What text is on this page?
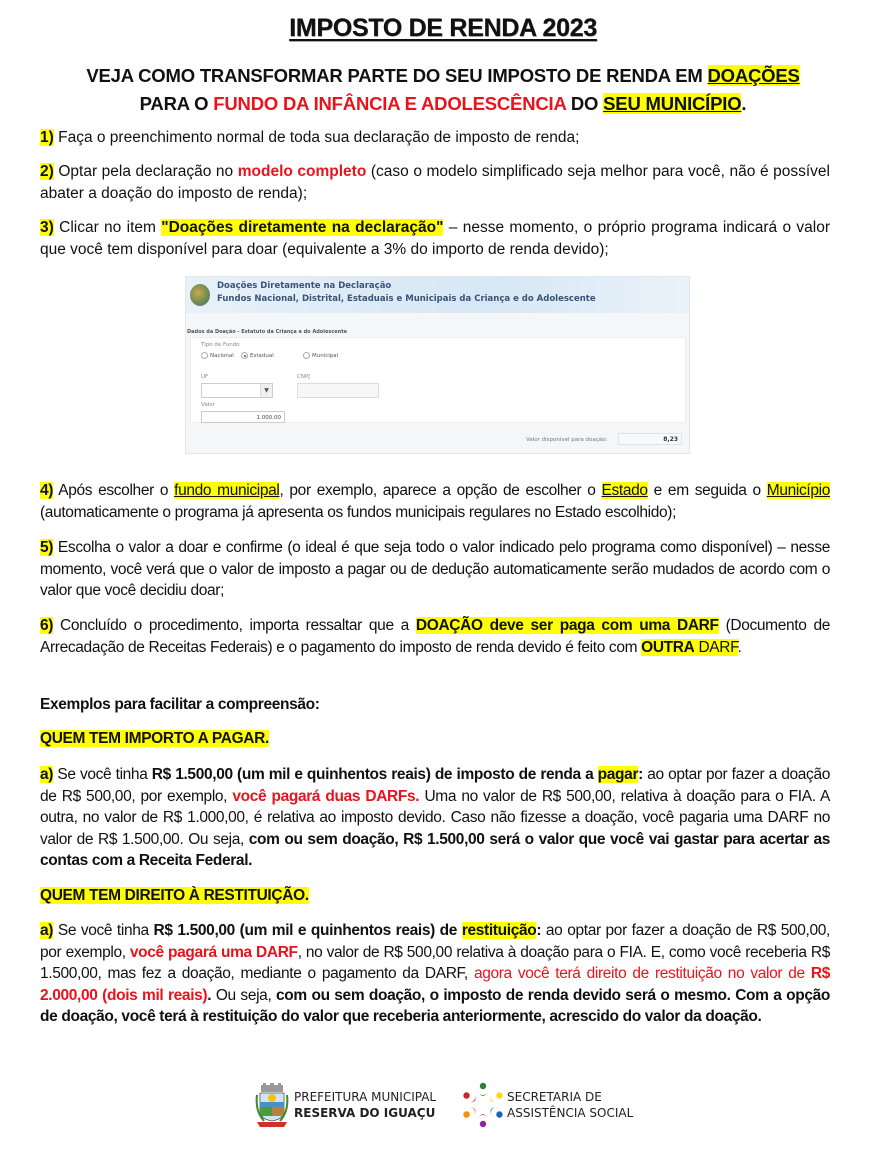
IMPOSTO DE RENDA 2023
VEJA COMO TRANSFORMAR PARTE DO SEU IMPOSTO DE RENDA EM DOAÇÕES
PARA O FUNDO DA INFÂNCIA E ADOLESCÊNCIA DO SEU MUNICÍPIO.
1) Faça o preenchimento normal de toda sua declaração de imposto de renda;
2) Optar pela declaração no modelo completo (caso o modelo simplificado seja melhor para você, não é possível abater a doação do imposto de renda);
3) Clicar no item "Doações diretamente na declaração" – nesse momento, o próprio programa indicará o valor que você tem disponível para doar (equivalente a 3% do importo de renda devido);
Doações Diretamente na Declaração
Fundos Nacional, Distrital, Estaduais e Municipais da Criança e do Adolescente
Dados da Doação - Estatuto da Criança e do Adolescente
Tipo de Fundo
Nacional	Estadual	Municipal
UF	CNPJ
▼
Valor
1.000,00
Valor disponível para doação:	8,23
4) Após escolher o fundo municipal, por exemplo, aparece a opção de escolher o Estado e em seguida o Município (automaticamente o programa já apresenta os fundos municipais regulares no Estado escolhido);
5) Escolha o valor a doar e confirme (o ideal é que seja todo o valor indicado pelo programa como disponível) – nesse momento, você verá que o valor de imposto a pagar ou de dedução automaticamente serão mudados de acordo com o valor que você decidiu doar;
6) Concluído o procedimento, importa ressaltar que a DOAÇÃO deve ser paga com uma DARF (Documento de Arrecadação de Receitas Federais) e o pagamento do imposto de renda devido é feito com OUTRA DARF.
Exemplos para facilitar a compreensão:
QUEM TEM IMPORTO A PAGAR.
a) Se você tinha R$ 1.500,00 (um mil e quinhentos reais) de imposto de renda a pagar: ao optar por fazer a doação de R$ 500,00, por exemplo, você pagará duas DARFs. Uma no valor de R$ 500,00, relativa à doação para o FIA. A outra, no valor de R$ 1.000,00, é relativa ao imposto devido. Caso não fizesse a doação, você pagaria uma DARF no valor de R$ 1.500,00. Ou seja, com ou sem doação, R$ 1.500,00 será o valor que você vai gastar para acertar as contas com a Receita Federal.
QUEM TEM DIREITO À RESTITUIÇÃO.
a) Se você tinha R$ 1.500,00 (um mil e quinhentos reais) de restituição: ao optar por fazer a doação de R$ 500,00, por exemplo, você pagará uma DARF, no valor de R$ 500,00 relativa à doação para o FIA. E, como você receberia R$ 1.500,00, mas fez a doação, mediante o pagamento da DARF, agora você terá direito de restituição no valor de R$ 2.000,00 (dois mil reais). Ou seja, com ou sem doação, o imposto de renda devido será o mesmo. Com a opção de doação, você terá à restituição do valor que receberia anteriormente, acrescido do valor da doação.
PREFEITURA MUNICIPAL
RESERVA DO IGUAÇU
SECRETARIA DE
ASSISTÊNCIA SOCIAL
